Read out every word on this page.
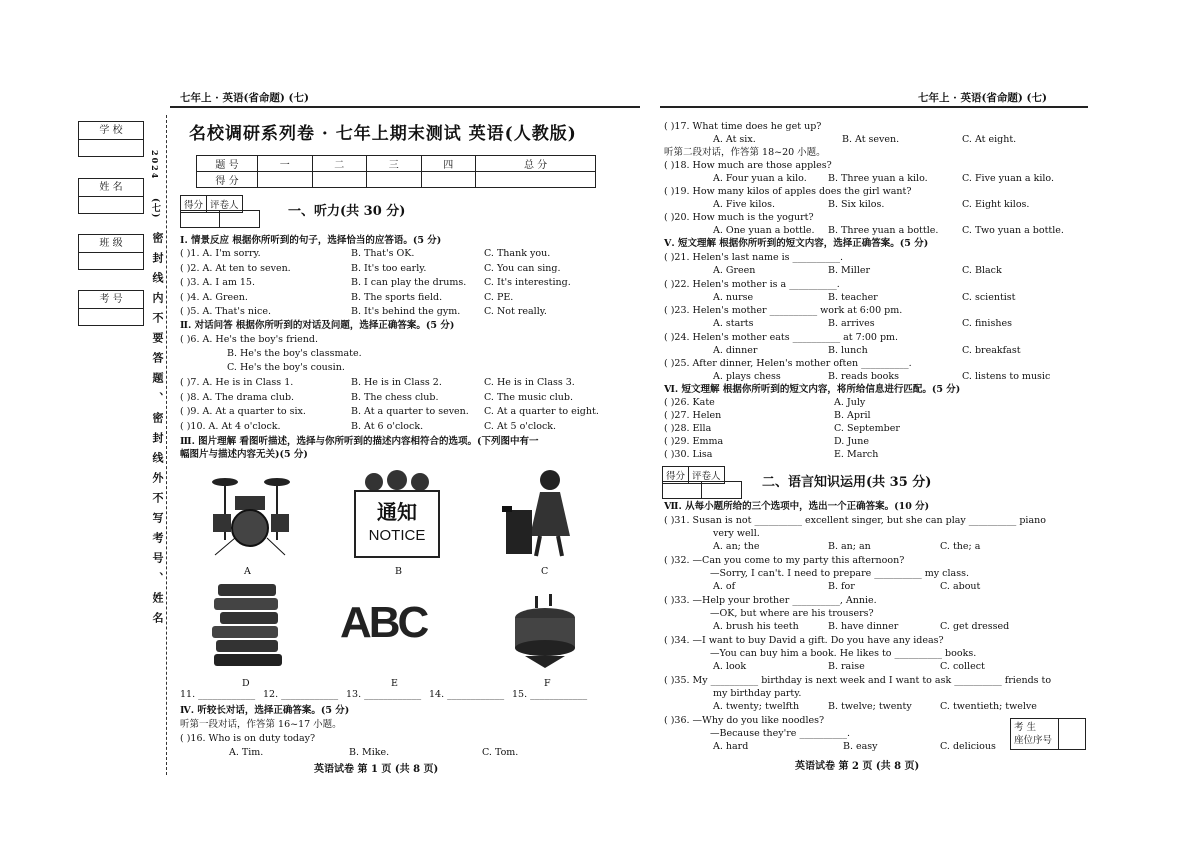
七年上 · 英语(省命题) (七)
学 校
姓 名
班 级
考 号
2024
(七)
密封线内不要答题、密封线外不写考号、姓名
名校调研系列卷 · 七年上期末测试 英语(人教版)
题 号	一	二	三	四	总 分
得 分					
得分 评卷人	一、听力(共 30 分)
Ⅰ. 情景反应 根据你所听到的句子，选择恰当的应答语。(5 分)
( )1. A. I'm sorry.	B. That's OK.	C. Thank you.
( )2. A. At ten to seven.	B. It's too early.	C. You can sing.
( )3. A. I am 15.	B. I can play the drums. C. It's interesting.
( )4. A. Green.	B. The sports field.	C. PE.
( )5. A. That's nice.	B. It's behind the gym.	C. Not really.
( )7. A. He is in Class 1.	B. He is in Class 2.	C. He is in Class 3.
( )8. A. The drama club.	B. The chess club.	C. The music club.
( )9. A. At a quarter to six.	B. At a quarter to seven. C. At a quarter to eight.
( )10. A. At 4 o'clock.	B. At 6 o'clock.	C. At 5 o'clock.
Ⅱ. 对话问答 根据你所听到的对话及问题，选择正确答案。(5 分)
( )6. A. He's the boy's friend.
B. He's the boy's classmate.
C. He's the boy's cousin.
Ⅲ. 图片理解 看图听描述，选择与你所听到的描述内容相符合的选项。(下列图中有一
幅图片与描述内容无关)(5 分)
A
通知
NOTICE
B	C
D
ABC
E	F
11. ____________ 12. ____________ 13. ____________ 14. ____________ 15. ____________
Ⅳ. 听较长对话，选择正确答案。(5 分)
听第一段对话，作答第 16~17 小题。
( )16. Who is on duty today?
A. Tim.	B. Mike.	C. Tom.
英语试卷 第 1 页 (共 8 页)
七年上 · 英语(省命题) (七)
( )17. What time does he get up?
A. At six.	B. At seven.	C. At eight.
听第二段对话，作答第 18~20 小题。
( )18. How much are those apples?
A. Four yuan a kilo. B. Three yuan a kilo.	C. Five yuan a kilo.
( )19. How many kilos of apples does the girl want?
A. Five kilos.	B. Six kilos.	C. Eight kilos.
( )20. How much is the yogurt?
A. One yuan a bottle. B. Three yuan a bottle. C. Two yuan a bottle.
Ⅴ. 短文理解 根据你所听到的短文内容，选择正确答案。(5 分)
( )21. Helen's last name is __________.
A. Green	B. Miller	C. Black
( )22. Helen's mother is a __________.
A. nurse	B. teacher	C. scientist
( )23. Helen's mother __________ work at 6:00 pm.
A. starts	B. arrives	C. finishes
( )24. Helen's mother eats __________ at 7:00 pm.
A. dinner	B. lunch	C. breakfast
( )25. After dinner, Helen's mother often __________.
A. plays chess	B. reads books	C. listens to music
Ⅵ. 短文理解 根据你所听到的短文内容，将所给信息进行匹配。(5 分)
( )26. Kate	A. July
( )27. Helen	B. April
( )28. Ella	C. September
( )29. Emma	D. June
( )30. Lisa	E. March
得分 评卷人	二、语言知识运用(共 35 分)
Ⅶ. 从每小题所给的三个选项中，选出一个正确答案。(10 分)
( )31. Susan is not __________ excellent singer, but she can play __________ piano
very well.
A. an; the	B. an; an	C. the; a
( )32. —Can you come to my party this afternoon?
—Sorry, I can't. I need to prepare __________ my class.
A. of	B. for	C. about
( )33. —Help your brother __________, Annie.
—OK, but where are his trousers?
A. brush his teeth	B. have dinner	C. get dressed
( )34. —I want to buy David a gift. Do you have any ideas?
—You can buy him a book. He likes to __________ books.
A. look	B. raise	C. collect
( )35. My __________ birthday is next week and I want to ask __________ friends to
my birthday party.
A. twenty; twelfth	B. twelve; twenty	C. twentieth; twelve
( )36. —Why do you like noodles?
—Because they're __________.
A. hard	B. easy	C. delicious
考 生
座位序号
英语试卷 第 2 页 (共 8 页)
